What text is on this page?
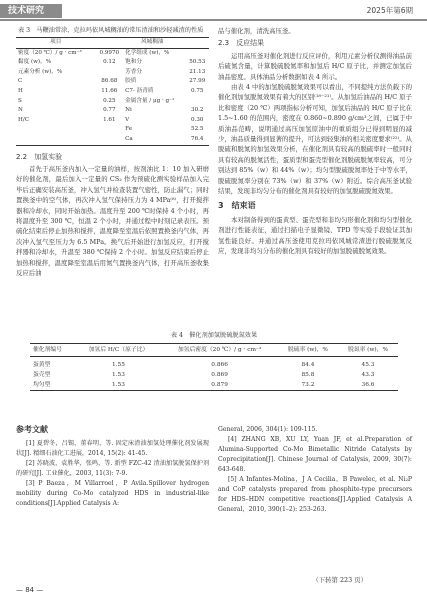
技术研究	2025年第6期
表 3　马鞭油常涂、克拉玛依风城稠油的常压渣油和沙轻减渣的性质
项目	风城稠油		
密度（20 ℃）/ g · cm⁻³	0.9970	化学组成 (w)，%	
黏度 (w)，%	0.12	饱和分	50.53
元素分析 (w)，%		芳香分	21.13
C	86.68	胶质	27.99
H	11.66	C7- 沥青质	0.75
S	0.25	金属含量 / μg · g⁻¹	
N	0.77	Ni	30.2
H/C	1.61	V	0.30
		Fe	52.5
		Ca	76.4
2.2　加氢实验

首先于高压釜内加入一定量的油样，按剂油比 1：10 加入研磨好的催化剂，最后加入一定量的 CS₂ 作为预硫化测实验样品加入完毕后正确安装高压釜，冲入氢气并检查装置气密性，防止漏气；同时置换釜中的空气体，再次冲入氢气保持压力为 4 MPa⁽⁸⁾，打开搅拌器和冷却水，同时开始加热。温度升至 200 ℃时保持 4 个小时，再将温度升至 300 ℃，恒温 2 个小时，并通过程中时刻记录表压。预硫化结束后停止加热和搅拌，温度降至室温后依照置换釜内气体，再次冲入氢气至压力为 6.5 MPa。换气后开始进行加氢反应，打开搅拌器和冷却水，升温至 380 ℃保持 2 个小时。加氢反应结束后停止加热和搅拌，温度降至室温后用氮气置换釜内气体，打开高压釜收集反应后油

品与催化剂，清洗高压釜。

2.3　反应结果

运用高压釜对催化剂进行反应评价，利用元素分析仪测得油品前后硫氮含量，计算脱硫脱氮率和加氢后 H/C 原子比，并测定加氢后油品密度。具体油品分析数据如表 4 所示。

由表 4 中的加氢脱硫脱氮效果可以看出，不同提纯方法负载下的催化剂加氢脱氮效果有着大的区别⁽¹⁸⁻²¹⁾。从加氢后油品的 H/C 原子比和密度（20 ℃）两项指标分析可知，加氢后油品的 H/C 原子比在 1.5~1.60 的范围内，密度在 0.860~0.890 g/cm³之间，已属于中质油品范畴，说明通过高压加氢原油中的重质组分已得到明显的减少，油品质量得到显著的提升，可达到轻集油的相关密度要求⁽²²⁾。从脱硫和脱氮的加氢效果分析，在催化剂具有较高的脱硫率时一般同时具有较高的脱氮活性，蛋质型和蛋壳型催化剂脱硫脱氮率较高，可分别达到 85%（w）和 44%（w）；均匀型脱硫脱氮率处于中等水平，脱硫脱氮率分别在 73%（w）和 37%（w）附近。综合高压釜试验结果，发现非均匀分布的催化剂具有较好的加氢脱硫脱氮效果。

3　结束语

本对制备得到的蛋黄型、蛋壳型和非均匀形催化剂和均匀型催化剂进行性能表征，通过扫描电子显微镜、TPD 等实验手段验证其加氢性能良好。并通过高压釜使用克拉玛依风城常渣进行脱硫脱氮反应，发现非均匀分布的催化剂具有较好的加氢脱硫脱氮效果。

表 4　催化剂加氢脱硫脱氮效果
催化剂编号	加氢后 H/C（原子比）	加氢后密度（20 ℃）/ g · cm⁻³	脱硫率 (w)，%	脱氮率 (w)，%
蛋黄型	1.55	0.866	84.4	45.3
蛋壳型	1.53	0.869	85.8	43.3
均匀型	1.53	0.879	73.2	36.6
参考文献
[1] 夏碧冬，吕锡，董春明，等. 固定床渣油加氢处理催化剂发展现状[J]. 精细石油化工进展，2014, 15(2): 41-45.
[2] 苏晓波，袁胜华，张鸣，等. 新型 FZC-42 渣油加氢脱氢保护剂的研究[J]. 工业催化，2003, 11(3): 7-9.
[3] P Baeza，M Villarroel，P Avila.Spillover hydrogen mobility during Co-Mo catalyzed HDS in industrial-like conditions[J].Applied Catalysis A:
General, 2006, 304(1): 109-115.
[4] ZHANG XB, XU LY, Yuan JF, et al.Preparation of Alumina-Supported Co-Mo Bimetallic Nitride Catalysts by Coprecipitation[J]. Chinese Journal of Catalysis, 2009, 30(7): 643-648.
[5] A Infantes-Molina，J A Cecilia，B Pawelec, et al. Ni₂P and CoP catalysts prepared from phosphite-type precursors for HDS–HDN competitive reactions[J].Applied Catalysis A General，2010, 390(1–2): 253-263.
（下转第 223 页）
— 84 —
